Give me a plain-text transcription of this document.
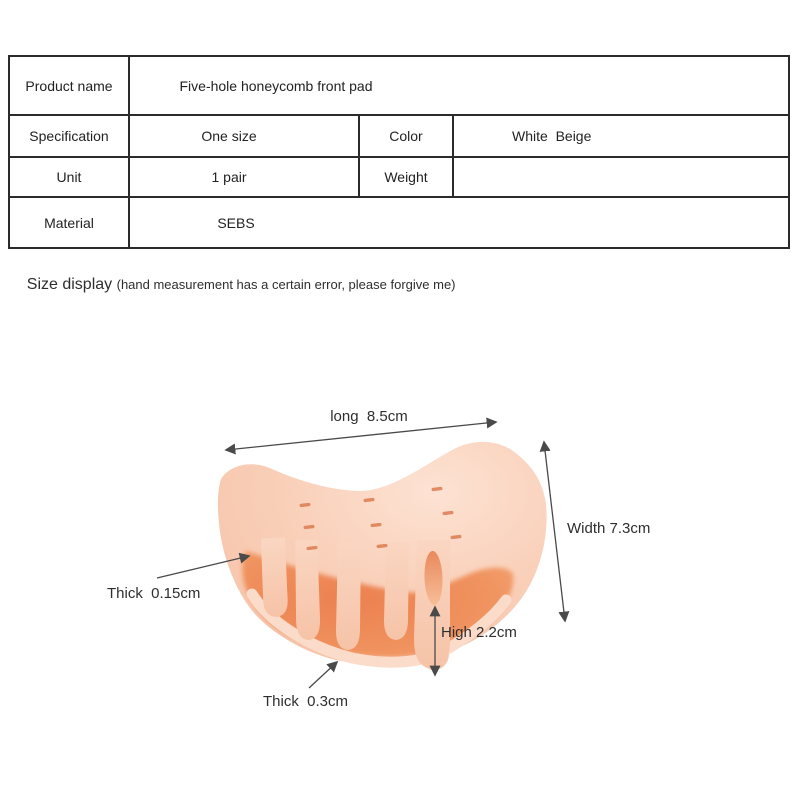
Product name	Five-hole honeycomb front pad
Specification	One size	Color	White  Beige
Unit	1 pair	Weight
Material	SEBS

Size display (hand measurement has a certain error, please forgive me)

long  8.5cm
Width 7.3cm
High 2.2cm
Thick  0.15cm
Thick  0.3cm
